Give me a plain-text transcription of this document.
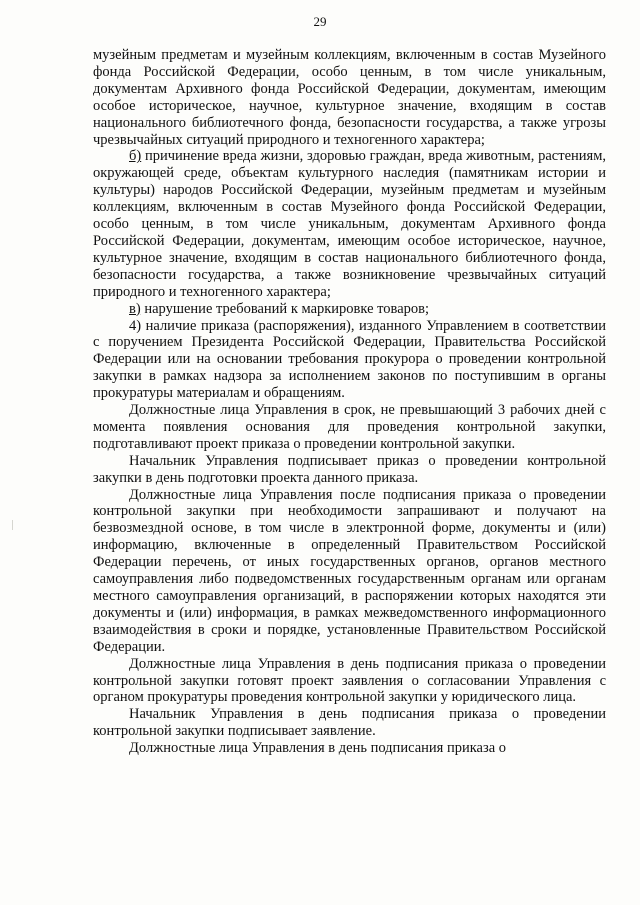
29

музейным предметам и музейным коллекциям, включенным в состав Музейного фонда Российской Федерации, особо ценным, в том числе уникальным, документам Архивного фонда Российской Федерации, документам, имеющим особое историческое, научное, культурное значение, входящим в состав национального библиотечного фонда, безопасности государства, а также угрозы чрезвычайных ситуаций природного и техногенного характера;

б) причинение вреда жизни, здоровью граждан, вреда животным, растениям, окружающей среде, объектам культурного наследия (памятникам истории и культуры) народов Российской Федерации, музейным предметам и музейным коллекциям, включенным в состав Музейного фонда Российской Федерации, особо ценным, в том числе уникальным, документам Архивного фонда Российской Федерации, документам, имеющим особое историческое, научное, культурное значение, входящим в состав национального библиотечного фонда, безопасности государства, а также возникновение чрезвычайных ситуаций природного и техногенного характера;

в) нарушение требований к маркировке товаров;

4) наличие приказа (распоряжения), изданного Управлением в соответствии с поручением Президента Российской Федерации, Правительства Российской Федерации или на основании требования прокурора о проведении контрольной закупки в рамках надзора за исполнением законов по поступившим в органы прокуратуры материалам и обращениям.

Должностные лица Управления в срок, не превышающий 3 рабочих дней с момента появления основания для проведения контрольной закупки, подготавливают проект приказа о проведении контрольной закупки.

Начальник Управления подписывает приказ о проведении контрольной закупки в день подготовки проекта данного приказа.

Должностные лица Управления после подписания приказа о проведении контрольной закупки при необходимости запрашивают и получают на безвозмездной основе, в том числе в электронной форме, документы и (или) информацию, включенные в определенный Правительством Российской Федерации перечень, от иных государственных органов, органов местного самоуправления либо подведомственных государственным органам или органам местного самоуправления организаций, в распоряжении которых находятся эти документы и (или) информация, в рамках межведомственного информационного взаимодействия в сроки и порядке, установленные Правительством Российской Федерации.

Должностные лица Управления в день подписания приказа о проведении контрольной закупки готовят проект заявления о согласовании Управления с органом прокуратуры проведения контрольной закупки у юридического лица.

Начальник Управления в день подписания приказа о проведении контрольной закупки подписывает заявление.

Должностные лица Управления в день подписания приказа о
